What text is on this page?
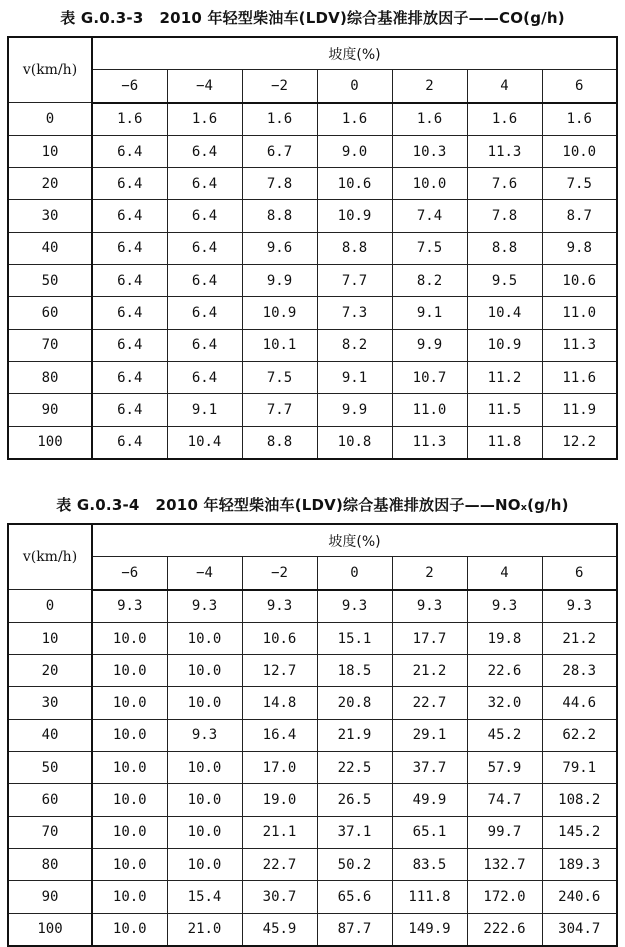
表 G.0.3-3 2010 年轻型柴油车(LDV)综合基准排放因子——CO(g/h)
v(km/h)	坡度(%)						
	−6	−4	−2	0	2	4	6
0	1.6	1.6	1.6	1.6	1.6	1.6	1.6
10	6.4	6.4	6.7	9.0	10.3	11.3	10.0
20	6.4	6.4	7.8	10.6	10.0	7.6	7.5
30	6.4	6.4	8.8	10.9	7.4	7.8	8.7
40	6.4	6.4	9.6	8.8	7.5	8.8	9.8
50	6.4	6.4	9.9	7.7	8.2	9.5	10.6
60	6.4	6.4	10.9	7.3	9.1	10.4	11.0
70	6.4	6.4	10.1	8.2	9.9	10.9	11.3
80	6.4	6.4	7.5	9.1	10.7	11.2	11.6
90	6.4	9.1	7.7	9.9	11.0	11.5	11.9
100	6.4	10.4	8.8	10.8	11.3	11.8	12.2
表 G.0.3-4 2010 年轻型柴油车(LDV)综合基准排放因子——NOₓ(g/h)
v(km/h)	坡度(%)						
	−6	−4	−2	0	2	4	6
0	9.3	9.3	9.3	9.3	9.3	9.3	9.3
10	10.0	10.0	10.6	15.1	17.7	19.8	21.2
20	10.0	10.0	12.7	18.5	21.2	22.6	28.3
30	10.0	10.0	14.8	20.8	22.7	32.0	44.6
40	10.0	9.3	16.4	21.9	29.1	45.2	62.2
50	10.0	10.0	17.0	22.5	37.7	57.9	79.1
60	10.0	10.0	19.0	26.5	49.9	74.7	108.2
70	10.0	10.0	21.1	37.1	65.1	99.7	145.2
80	10.0	10.0	22.7	50.2	83.5	132.7	189.3
90	10.0	15.4	30.7	65.6	111.8	172.0	240.6
100	10.0	21.0	45.9	87.7	149.9	222.6	304.7
